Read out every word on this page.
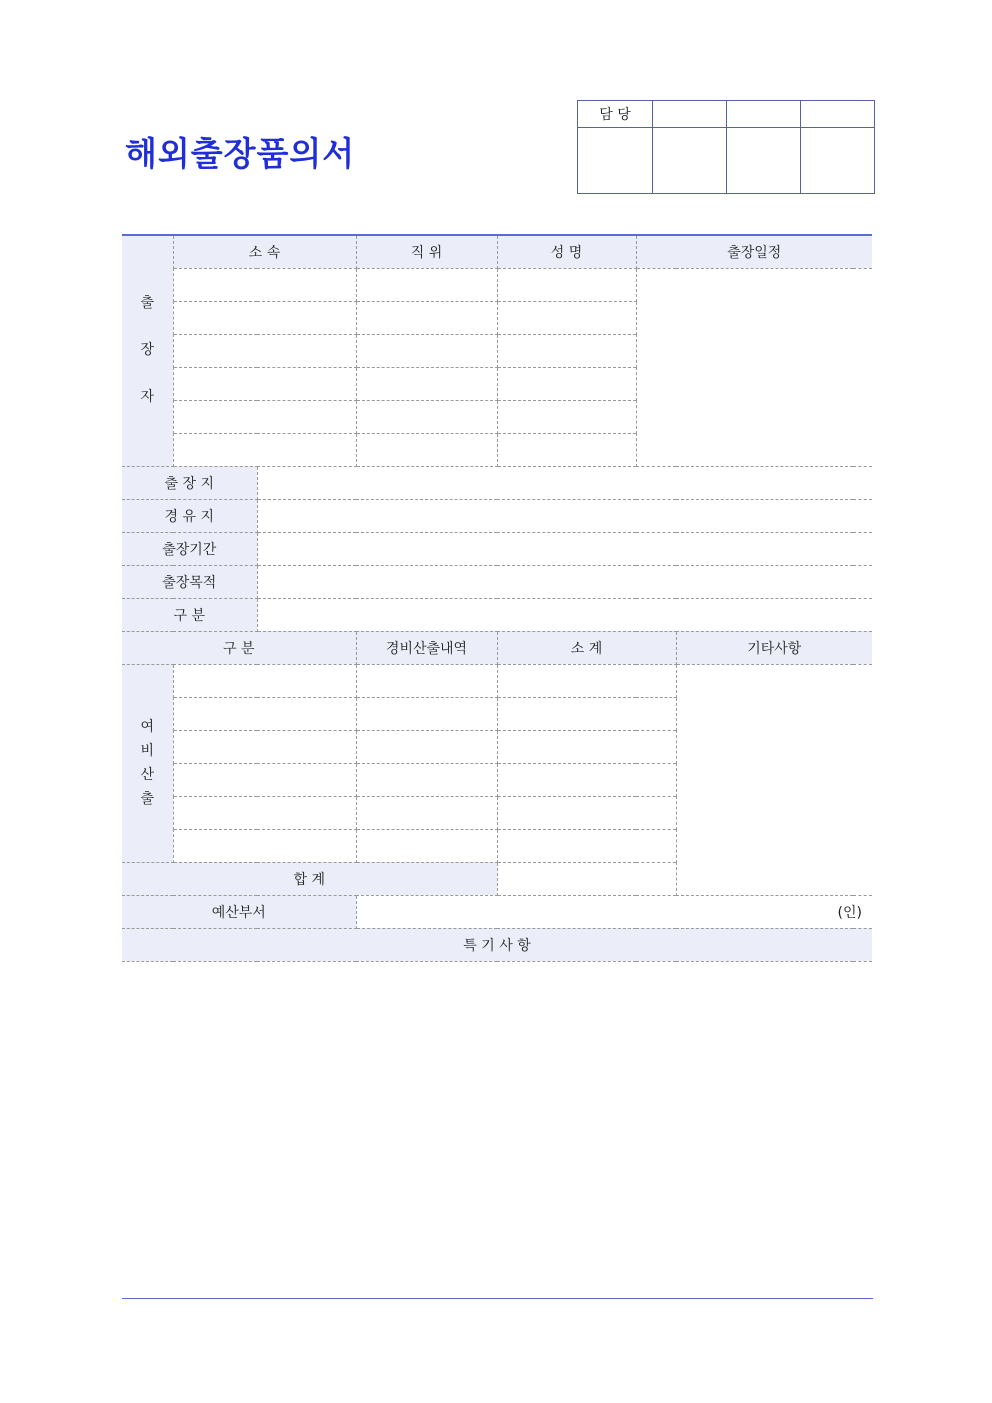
해외출장품의서
담 당			

출
장
자	소 속		직 위	성 명	출장일정	

출 장 지						
경 유 지						
출장기간						
출장목적						
구 분						
구 분			경비산출내역	소 계		기타사항

여
비
산
출						

합 계						
예산부서			(인)			
특 기 사 항						
